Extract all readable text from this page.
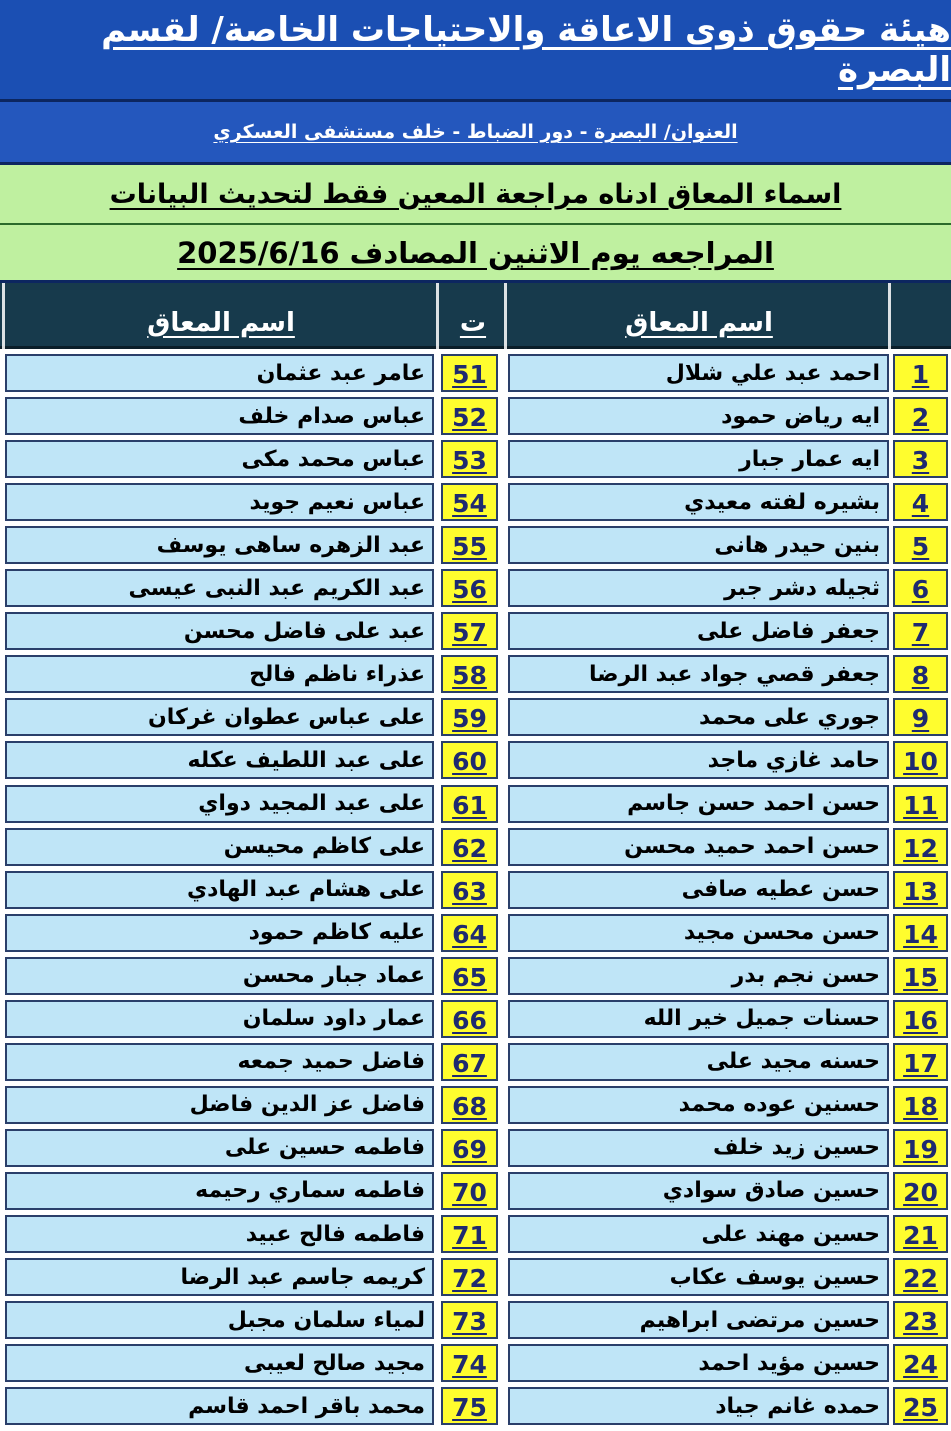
هيئة حقوق ذوى الاعاقة والاحتياجات الخاصة/ لقسم البصرة
العنوان/ البصرة - دور الضباط - خلف مستشفى العسكري
اسماء المعاق ادناه مراجعة المعين فقط لتحديث البيانات
المراجعه يوم الاثنين المصادف 2025/6/16
اسم المعاق
ت
اسم المعاق
1
احمد عبد علي شلال
51
عامر عبد عثمان
2
ايه رياض حمود
52
عباس صدام خلف
3
ايه عمار جبار
53
عباس محمد مكى
4
بشيره لفته معيدي
54
عباس نعيم جويد
5
بنين حيدر هانى
55
عبد الزهره ساهى يوسف
6
ثجيله دشر جبر
56
عبد الكريم عبد النبى عيسى
7
جعفر فاضل على
57
عبد على فاضل محسن
8
جعفر قصي جواد عبد الرضا
58
عذراء ناظم فالح
9
جوري على محمد
59
على عباس عطوان غركان
10
حامد غازي ماجد
60
على عبد اللطيف عكله
11
حسن احمد حسن جاسم
61
على عبد المجيد دواي
12
حسن احمد حميد محسن
62
على كاظم محيسن
13
حسن عطيه صافى
63
على هشام عبد الهادي
14
حسن محسن مجيد
64
عليه كاظم حمود
15
حسن نجم بدر
65
عماد جبار محسن
16
حسنات جميل خير الله
66
عمار داود سلمان
17
حسنه مجيد على
67
فاضل حميد جمعه
18
حسنين عوده محمد
68
فاضل عز الدين فاضل
19
حسين زيد خلف
69
فاطمه حسين على
20
حسين صادق سوادي
70
فاطمه سماري رحيمه
21
حسين مهند على
71
فاطمه فالح عبيد
22
حسين يوسف عكاب
72
كريمه جاسم عبد الرضا
23
حسين مرتضى ابراهيم
73
لمياء سلمان مجبل
24
حسين مؤيد احمد
74
مجيد صالح لعيبى
25
حمده غانم جياد
75
محمد باقر احمد قاسم
